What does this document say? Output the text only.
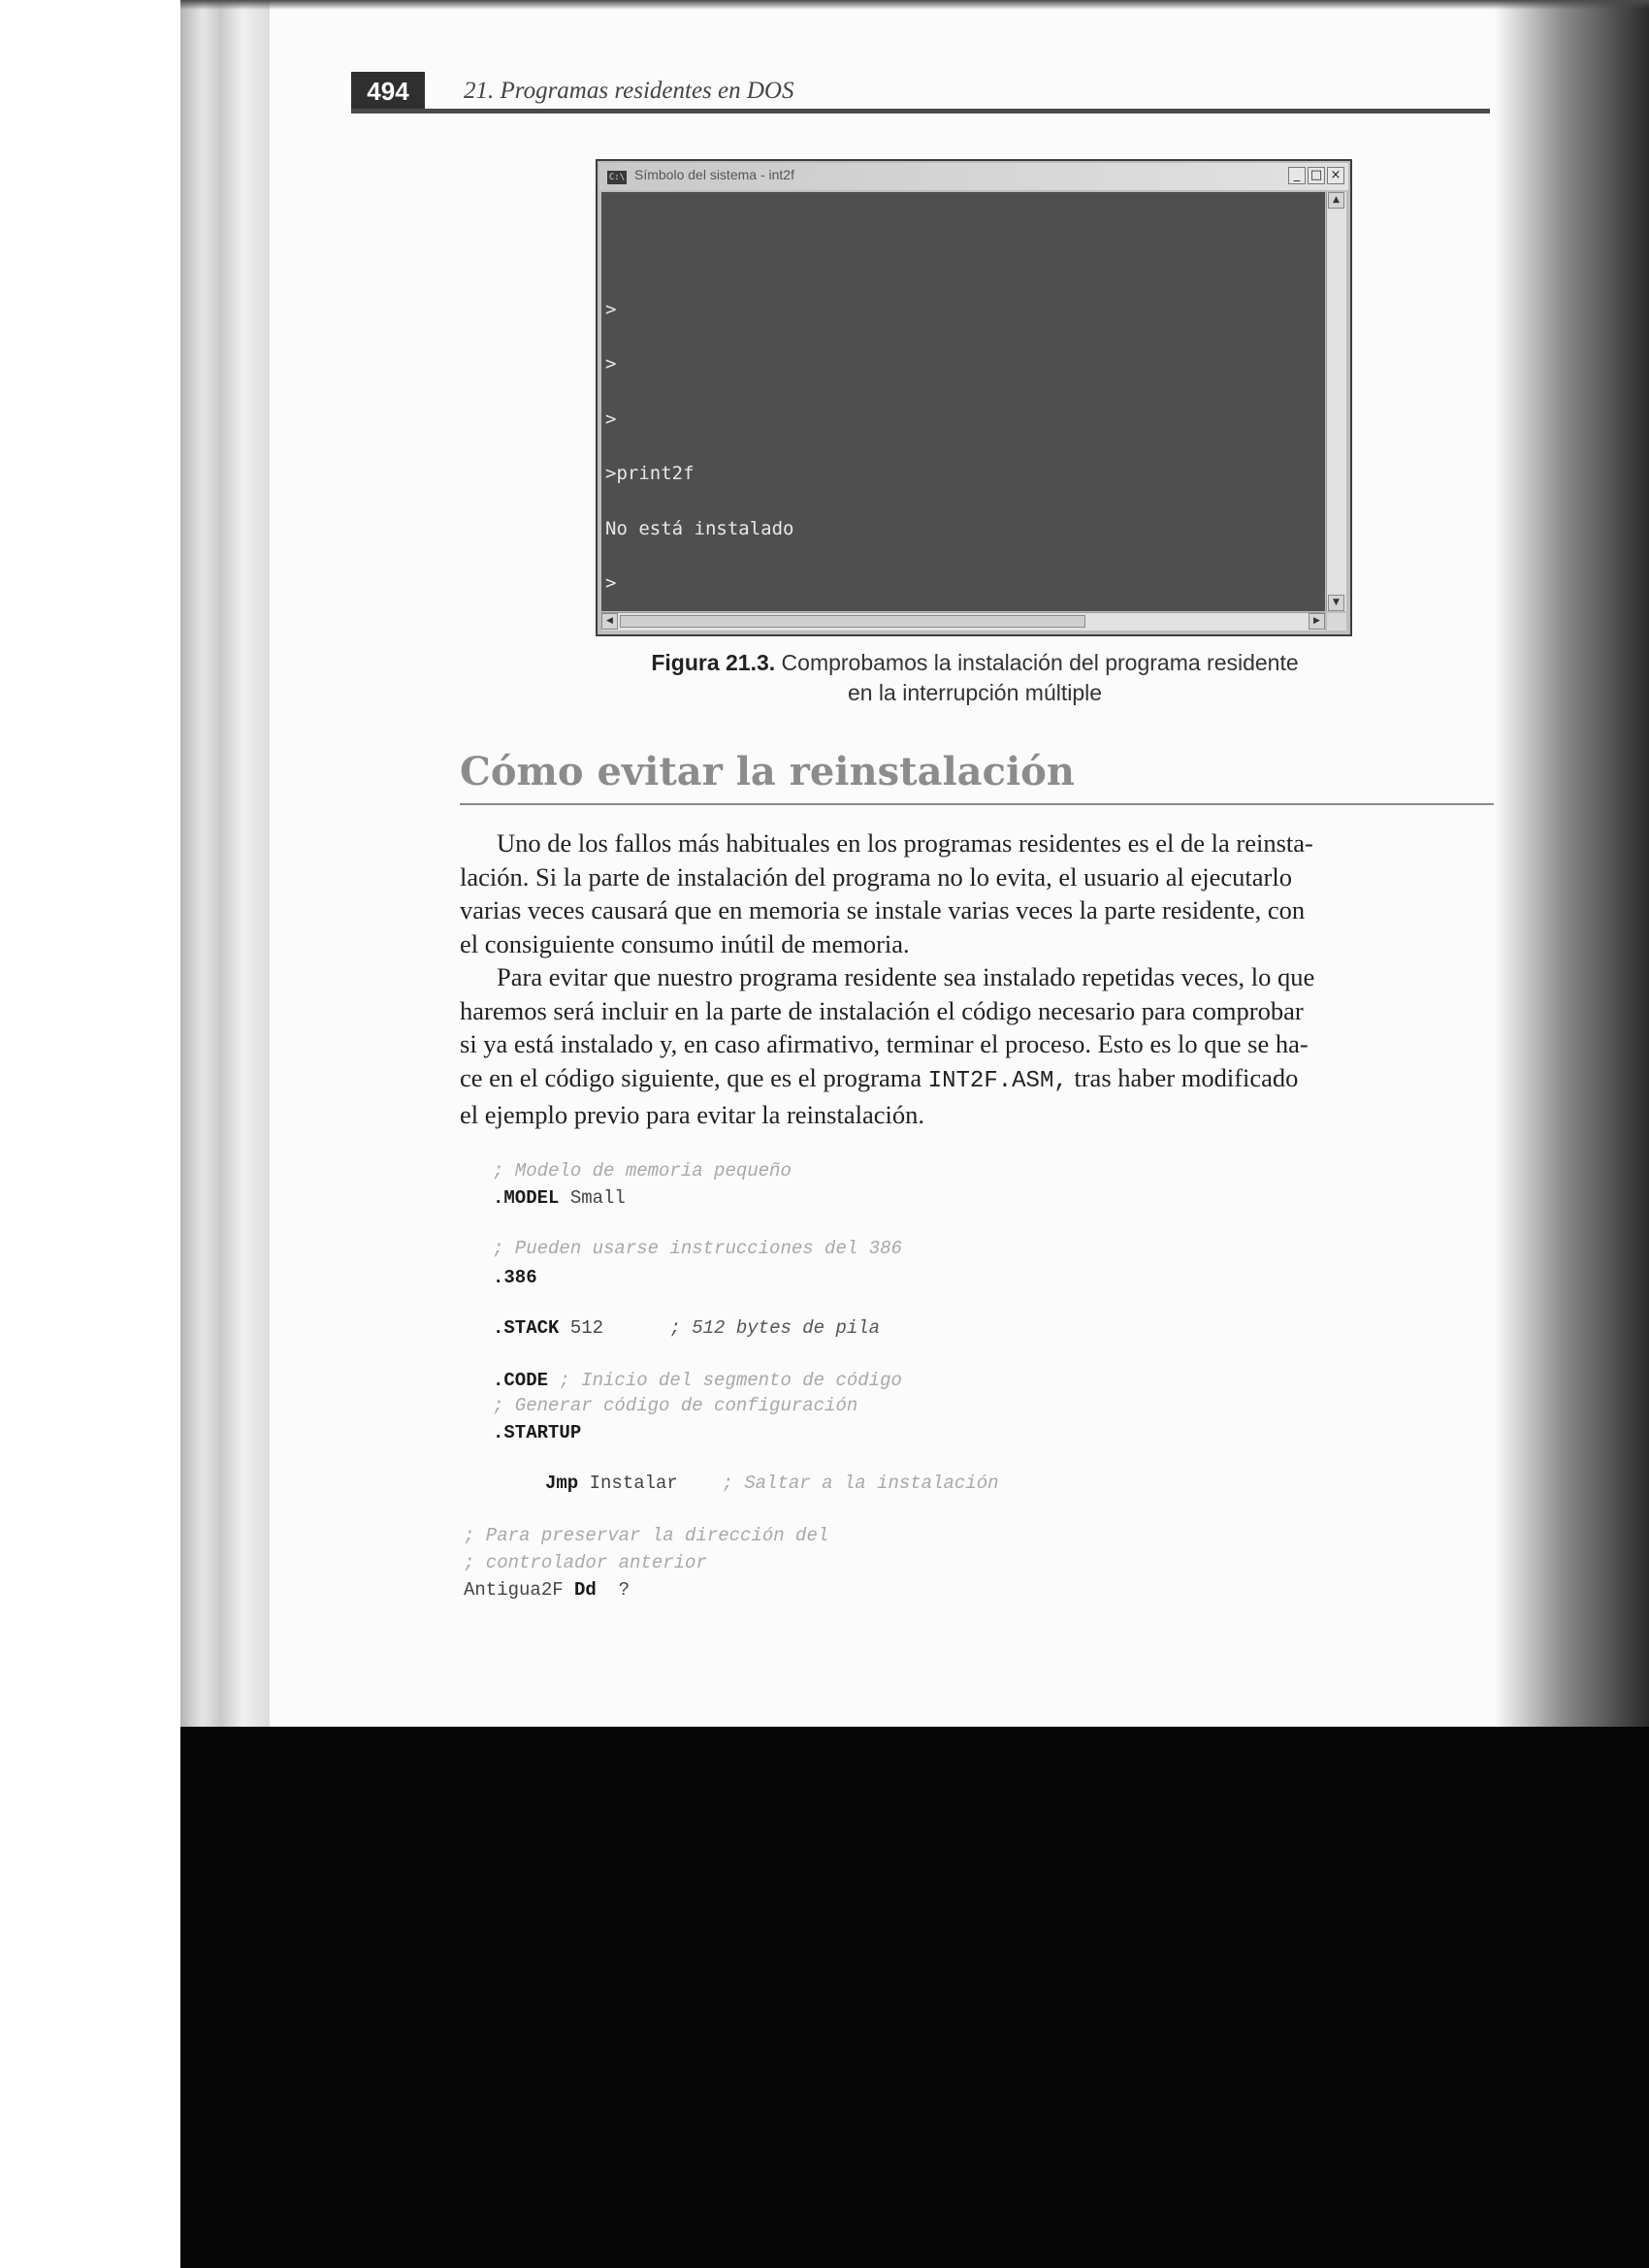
494	21. Programas residentes en DOS
C:\ Símbolo del sistema - int2f	_ □ ×

>

>

>

>print2f

No está instalado

>

▲
▼
◀	▶
Figura 21.3. Comprobamos la instalación del programa residente
en la interrupción múltiple
Cómo evitar la reinstalación

Uno de los fallos más habituales en los programas residentes es el de la reinsta-
lación. Si la parte de instalación del programa no lo evita, el usuario al ejecutarlo
varias veces causará que en memoria se instale varias veces la parte residente, con
el consiguiente consumo inútil de memoria.

Para evitar que nuestro programa residente sea instalado repetidas veces, lo que
haremos será incluir en la parte de instalación el código necesario para comprobar
si ya está instalado y, en caso afirmativo, terminar el proceso. Esto es lo que se ha-
ce en el código siguiente, que es el programa INT2F.ASM, tras haber modificado
el ejemplo previo para evitar la reinstalación.

; Modelo de memoria pequeño
.MODEL Small
; Pueden usarse instrucciones del 386
.386
.STACK 512      ; 512 bytes de pila
.CODE ; Inicio del segmento de código
; Generar código de configuración
.STARTUP
Jmp Instalar    ; Saltar a la instalación
; Para preservar la dirección del
; controlador anterior
Antigua2F Dd  ?
